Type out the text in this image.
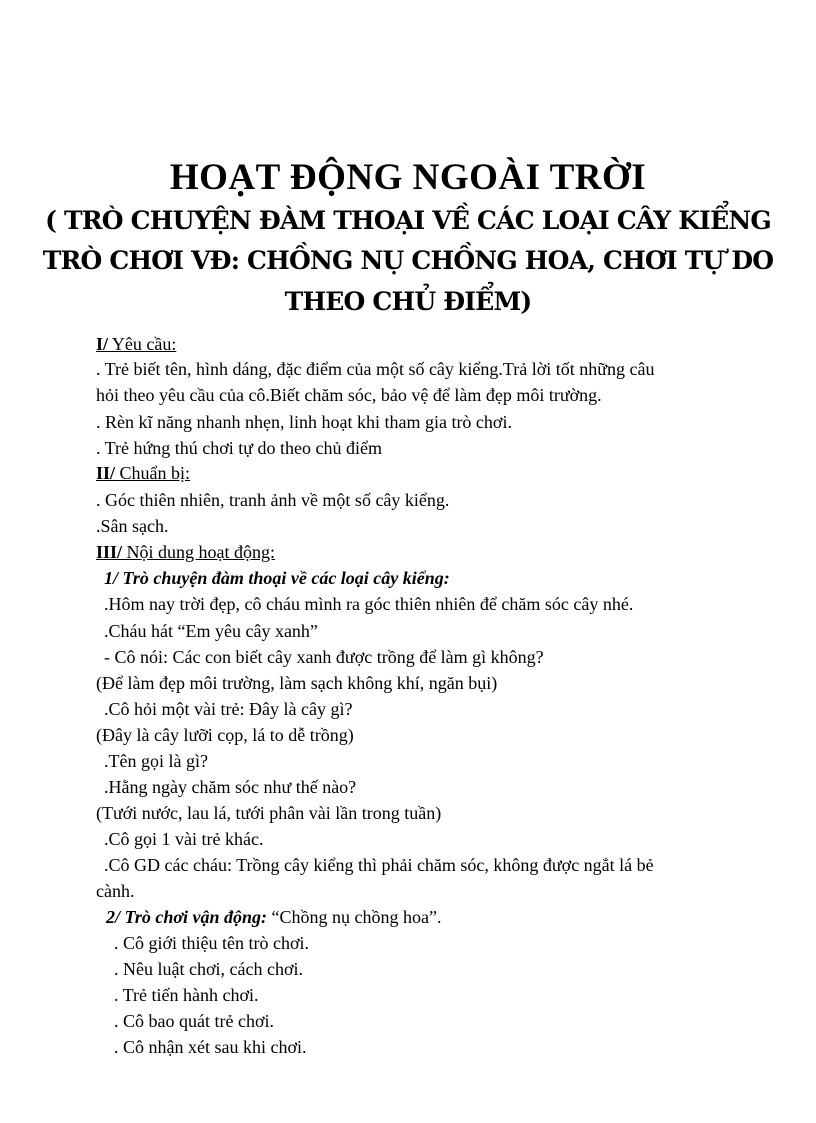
HOẠT ĐỘNG NGOÀI TRỜI
( TRÒ CHUYỆN ĐÀM THOẠI VỀ CÁC LOẠI CÂY KIỂNG
TRÒ CHƠI VĐ: CHỒNG NỤ CHỒNG HOA, CHƠI TỰ DO
THEO CHỦ ĐIỂM)
I/ Yêu cầu:
. Trẻ biết tên, hình dáng, đặc điểm của một số cây kiểng.Trả lời tốt những câu
hỏi theo yêu cầu của cô.Biết chăm sóc, bảo vệ để làm đẹp môi trường.
. Rèn kĩ năng nhanh nhẹn, linh hoạt khi tham gia trò chơi.
. Trẻ hứng thú chơi tự do theo chủ điểm
II/ Chuẩn bị:
. Góc thiên nhiên, tranh ảnh về một số cây kiểng.
.Sân sạch.
III/ Nội dung hoạt động:
1/ Trò chuyện đàm thoại về các loại cây kiểng:
.Hôm nay trời đẹp, cô cháu mình ra góc thiên nhiên để chăm sóc cây nhé.
.Cháu hát “Em yêu cây xanh”
- Cô nói: Các con biết cây xanh được trồng để làm gì không?
(Để làm đẹp môi trường, làm sạch không khí, ngăn bụi)
.Cô hỏi một vài trẻ: Đây là cây gì?
(Đây là cây lưỡi cọp, lá to dễ trồng)
.Tên gọi là gì?
.Hằng ngày chăm sóc như thế nào?
(Tưới nước, lau lá, tưới phân vài lần trong tuần)
.Cô gọi 1 vài trẻ khác.
.Cô GD các cháu: Trồng cây kiểng thì phải chăm sóc, không được ngắt lá bẻ
cành.
2/ Trò chơi vận động: “Chồng nụ chồng hoa”.
. Cô giới thiệu tên trò chơi.
. Nêu luật chơi, cách chơi.
. Trẻ tiến hành chơi.
. Cô bao quát trẻ chơi.
. Cô nhận xét sau khi chơi.
